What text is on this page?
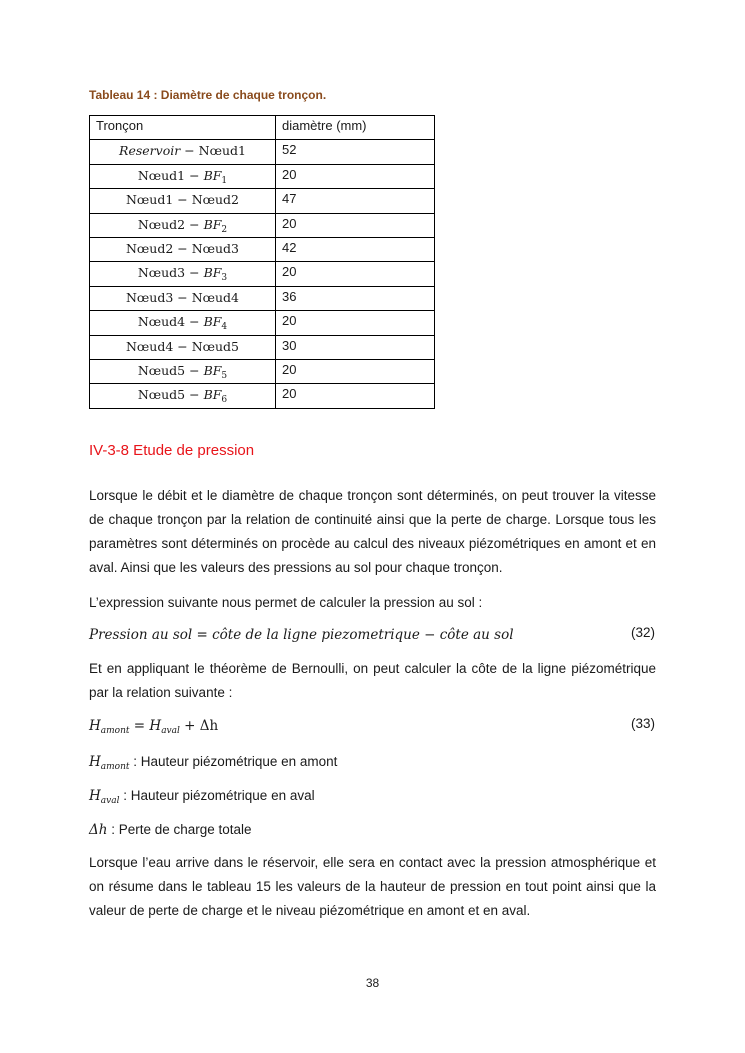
Tableau 14 : Diamètre de chaque tronçon.
Tronçon	diamètre (mm)
Reservoir − Nœud1	52
Nœud1 − $BF_1$	20
Nœud1 − Nœud2	47
Nœud2 − $BF_2$	20
Nœud2 − Nœud3	42
Nœud3 − $BF_3$	20
Nœud3 − Nœud4	36
Nœud4 − $BF_4$	20
Nœud4 − Nœud5	30
Nœud5 − $BF_5$	20
Nœud5 − $BF_6$	20
IV-3-8 Etude de pression
Lorsque le débit et le diamètre de chaque tronçon sont déterminés, on peut trouver la vitesse de chaque tronçon par la relation de continuité ainsi que la perte de charge. Lorsque tous les paramètres sont déterminés on procède au calcul des niveaux piézométriques en amont et en aval. Ainsi que les valeurs des pressions au sol pour chaque tronçon.
L’expression suivante nous permet de calculer la pression au sol :
Pression au sol = côte de la ligne piezometrique − côte au sol	(32)
Et en appliquant le théorème de Bernoulli, on peut calculer la côte de la ligne piézométrique par la relation suivante :
$H_{amont} = H_{aval} + \Delta h$	(33)
$H_{amont}$ : Hauteur piézométrique en amont
$H_{aval}$ : Hauteur piézométrique en aval
Δh : Perte de charge totale
Lorsque l’eau arrive dans le réservoir, elle sera en contact avec la pression atmosphérique et on résume dans le tableau 15 les valeurs de la hauteur de pression en tout point ainsi que la valeur de perte de charge et le niveau piézométrique en amont et en aval.
38
